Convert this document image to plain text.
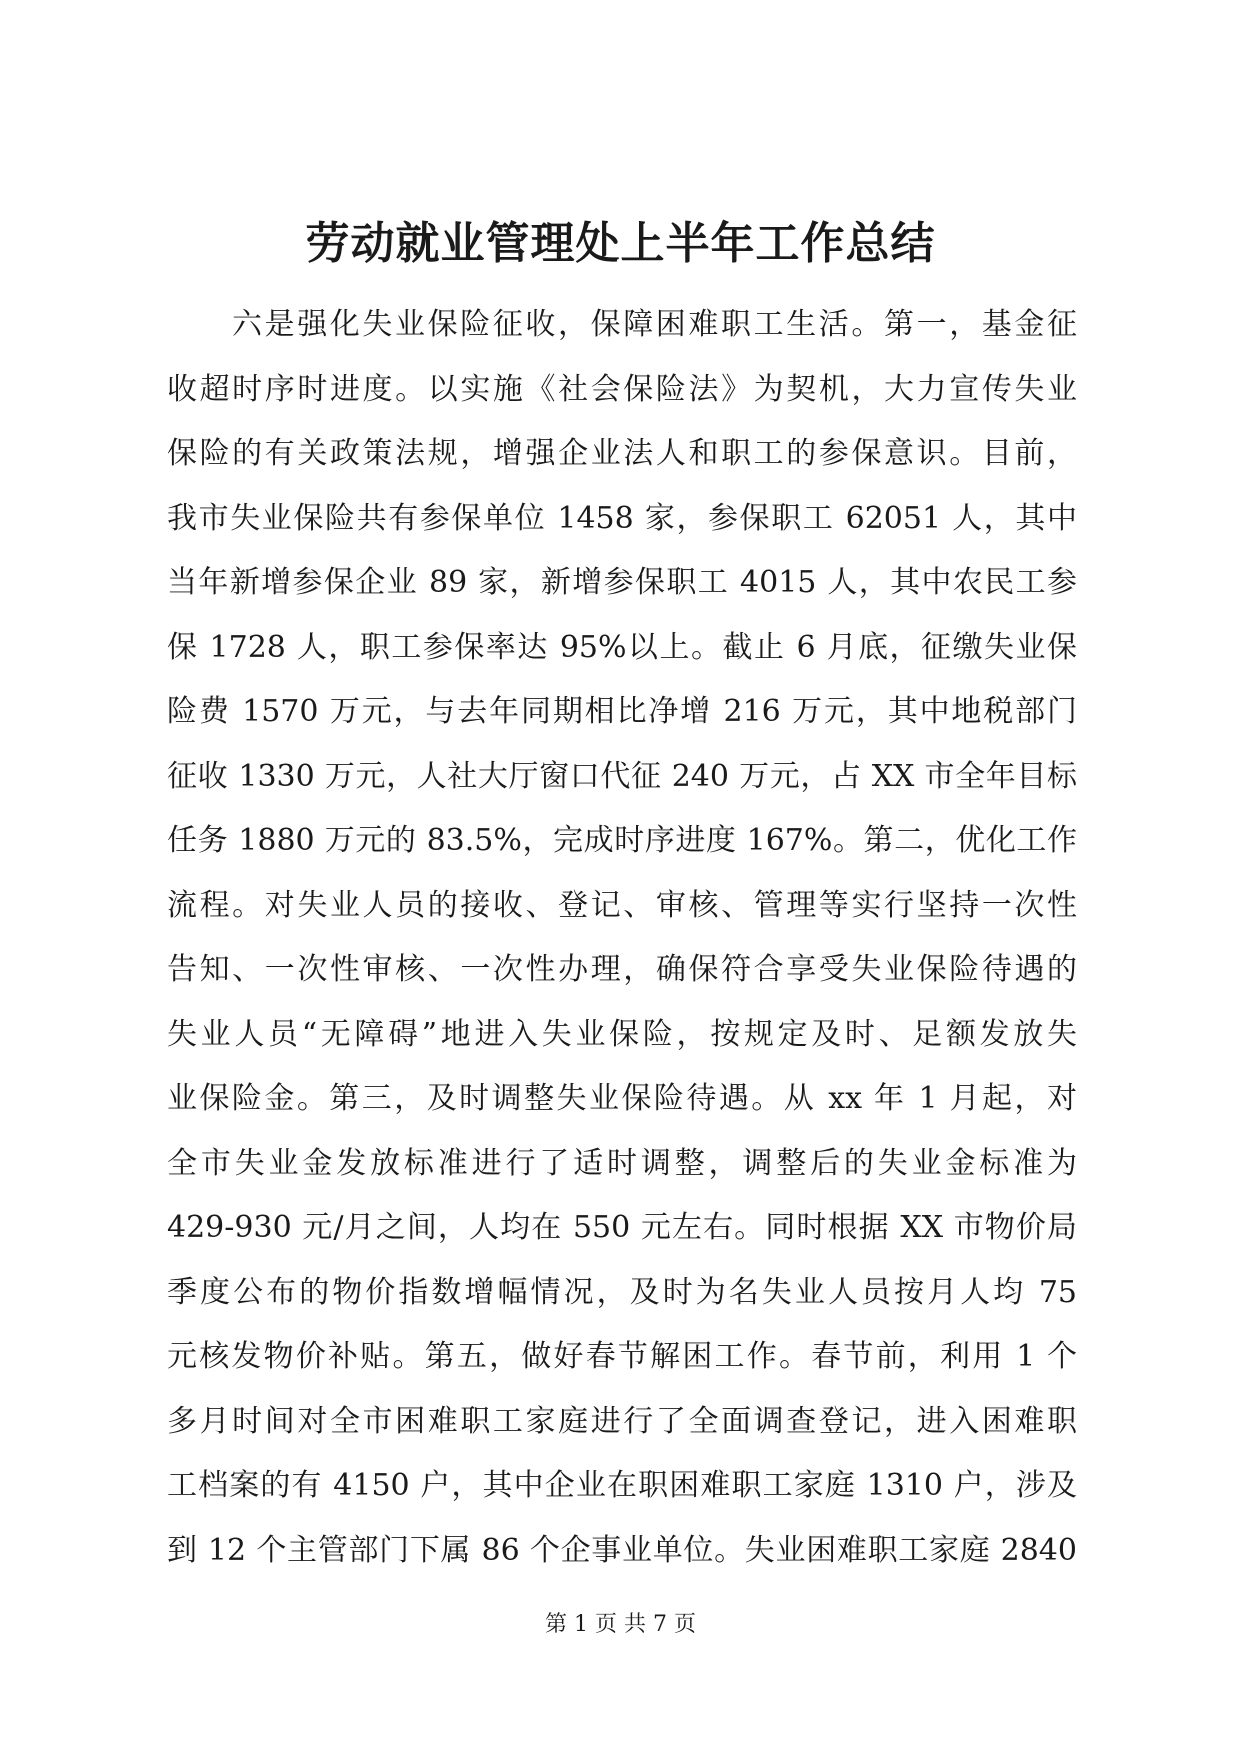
劳动就业管理处上半年工作总结
六是强化失业保险征收，保障困难职工生活。第一，基金征
收超时序时进度。以实施《社会保险法》为契机，大力宣传失业
保险的有关政策法规，增强企业法人和职工的参保意识。目前，
我市失业保险共有参保单位 1458 家，参保职工 62051 人，其中
当年新增参保企业 89 家，新增参保职工 4015 人，其中农民工参
保 1728 人，职工参保率达 95%以上。截止 6 月底，征缴失业保
险费 1570 万元，与去年同期相比净增 216 万元，其中地税部门
征收 1330 万元，人社大厅窗口代征 240 万元，占 XX 市全年目标
任务 1880 万元的 83.5%，完成时序进度 167%。第二，优化工作
流程。对失业人员的接收、登记、审核、管理等实行坚持一次性
告知、一次性审核、一次性办理，确保符合享受失业保险待遇的
失业人员“无障碍”地进入失业保险，按规定及时、足额发放失
业保险金。第三，及时调整失业保险待遇。从 xx 年 1 月起，对
全市失业金发放标准进行了适时调整，调整后的失业金标准为
429-930 元/月之间，人均在 550 元左右。同时根据 XX 市物价局
季度公布的物价指数增幅情况，及时为名失业人员按月人均 75
元核发物价补贴。第五，做好春节解困工作。春节前，利用 1 个
多月时间对全市困难职工家庭进行了全面调查登记，进入困难职
工档案的有 4150 户，其中企业在职困难职工家庭 1310 户，涉及
到 12 个主管部门下属 86 个企事业单位。失业困难职工家庭 2840
第 1 页 共 7 页
